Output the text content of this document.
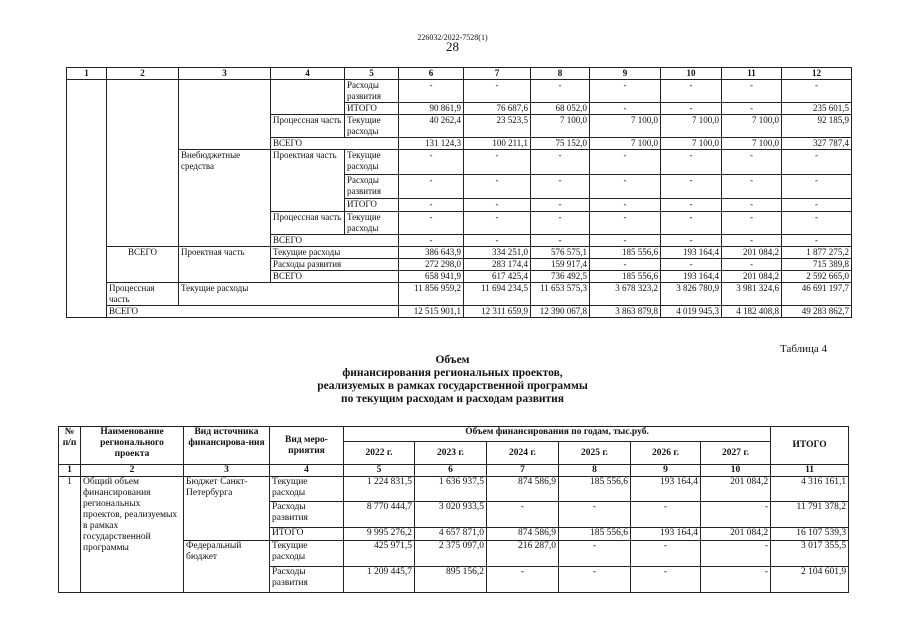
226032/2022-7528(1)
28
1	2	3	4	5	6	7	8	9	10	11	12
				Расходы развития	-	-	-	-	-	-	-
				ИТОГО	90 861,9	76 687,6	68 052,0	-	-	-	235 601,5
			Процессная часть	Текущие расходы	40 262,4	23 523,5	7 100,0	7 100,0	7 100,0	7 100,0	92 185,9
			ВСЕГО		131 124,3	100 211,1	75 152,0	7 100,0	7 100,0	7 100,0	327 787,4
		Внебюджетные средства	Проектная часть	Текущие расходы	-	-	-	-	-	-	-
				Расходы развития	-	-	-	-	-	-	-
				ИТОГО	-	-	-	-	-	-	-
			Процессная часть	Текущие расходы	-	-	-	-	-	-	-
			ВСЕГО		-	-	-	-	-	-	-
	ВСЕГО	Проектная часть	Текущие расходы		386 643,9	334 251,0	576 575,1	185 556,6	193 164,4	201 084,2	1 877 275,2
			Расходы развития		272 298,0	283 174,4	159 917,4	-	-	-	715 389,8
			ВСЕГО		658 941,9	617 425,4	736 492,5	185 556,6	193 164,4	201 084,2	2 592 665,0
	Процессная часть	Текущие расходы			11 856 959,2	11 694 234,5	11 653 575,3	3 678 323,2	3 826 780,9	3 981 324,6	46 691 197,7
	ВСЕГО				12 515 901,1	12 311 659,9	12 390 067,8	3 863 879,8	4 019 945,3	4 182 408,8	49 283 862,7
Таблица 4
Объем
финансирования региональных проектов,
реализуемых в рамках государственной программы
по текущим расходам и расходам развития
№ п/п	Наименование регионального проекта	Вид источника финансирова-ния	Вид меро-приятия	Объем финансирования по годам, тыс.руб.						ИТОГО
				2022 г.	2023 г.	2024 г.	2025 г.	2026 г.	2027 г.	
1	2	3	4	5	6	7	8	9	10	11
1	Общий объем финансирования региональных проектов, реализуемых в рамках государственной программы	Бюджет Санкт-Петербурга	Текущие расходы	1 224 831,5	1 636 937,5	874 586,9	185 556,6	193 164,4	201 084,2	4 316 161,1
			Расходы развития	8 770 444,7	3 020 933,5	-	-	-	-	11 791 378,2
			ИТОГО	9 995 276,2	4 657 871,0	874 586,9	185 556,6	193 164,4	201 084,2	16 107 539,3
		Федеральный бюджет	Текущие расходы	425 971,5	2 375 097,0	216 287,0	-	-	-	3 017 355,5
			Расходы развития	1 209 445,7	895 156,2	-	-	-	-	2 104 601,9
